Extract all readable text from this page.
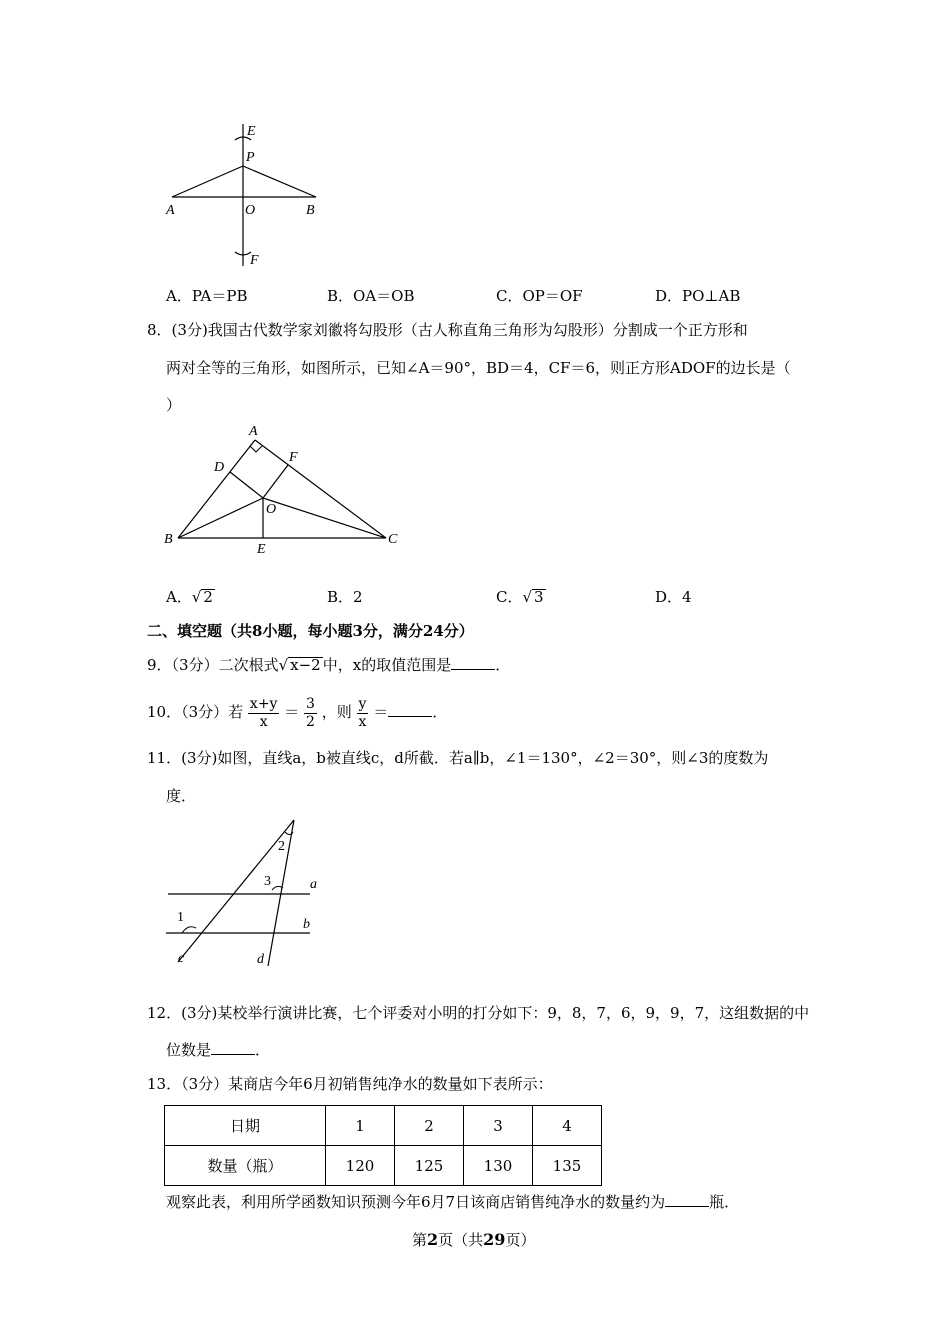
E
P
A	O	B
F
A．PA＝PB	B．OA＝OB	C．OP＝OF	D．PO⊥AB
8．(3分)我国古代数学家刘徽将勾股形（古人称直角三角形为勾股形）分割成一个正方形和
两对全等的三角形，如图所示，已知∠A＝90°，BD＝4，CF＝6，则正方形ADOF的边长是（
）
A
D
F
O
B
E
C
A．√ 2	B．2	C．√ 3	D．4
二、填空题（共8小题，每小题3分，满分24分）
9．（3分）二次根式√ x−2 中，x的取值范围是	．
10．（3分）若 $\frac{x+y}{x} = \frac{3}{2}$ ，则 $\frac{y}{x}$ ＝	．
11．(3分)如图，直线a，b被直线c，d所截．若a∥b，∠1＝130°，∠2＝30°，则∠3的度数为
度．
2
3	a
1	b
c	d
12．(3分)某校举行演讲比赛，七个评委对小明的打分如下：9，8，7，6，9，9，7，这组数据的中
位数是	．
13．（3分）某商店今年6月初销售纯净水的数量如下表所示：
日期	1	2	3	4
数量（瓶）	120	125	130	135
观察此表，利用所学函数知识预测今年6月7日该商店销售纯净水的数量约为	瓶．
第2页（共29页）
